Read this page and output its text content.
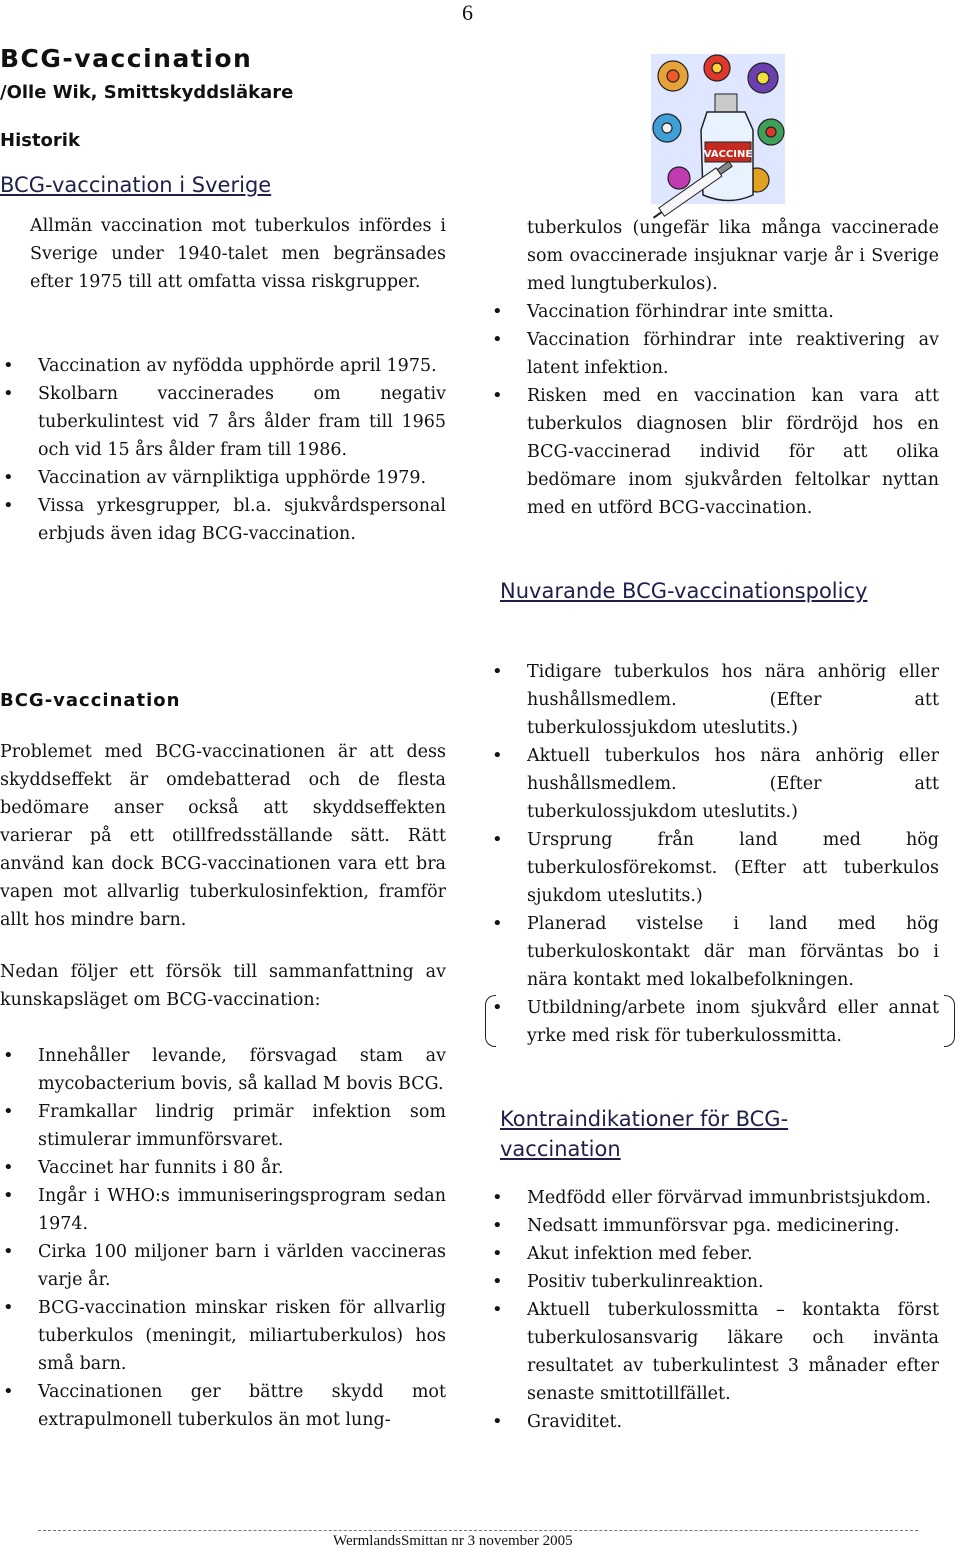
6
BCG-vaccination
/Olle Wik, Smittskyddsläkare
Historik
BCG-vaccination i Sverige
Allmän vaccination mot tuberkulos infördes i Sverige under 1940-talet men begränsades efter 1975 till att omfatta vissa riskgrupper.
• Vaccination av nyfödda upphörde april 1975.
• Skolbarn vaccinerades om negativ tuberkulintest vid 7 års ålder fram till 1965 och vid 15 års ålder fram till 1986.
• Vaccination av värnpliktiga upphörde 1979.
• Vissa yrkesgrupper, bl.a. sjukvårdspersonal erbjuds även idag BCG-vaccination.
BCG-vaccination
Problemet med BCG-vaccinationen är att dess skyddseffekt är omdebatterad och de flesta bedömare anser också att skyddseffekten varierar på ett otillfredsställande sätt. Rätt använd kan dock BCG-vaccinationen vara ett bra vapen mot allvarlig tuberkulosinfektion, framför allt hos mindre barn.
Nedan följer ett försök till sammanfattning av kunskapsläget om BCG-vaccination:
• Innehåller levande, försvagad stam av mycobacterium bovis, så kallad M bovis BCG.
• Framkallar lindrig primär infektion som stimulerar immunförsvaret.
• Vaccinet har funnits i 80 år.
• Ingår i WHO:s immuniseringsprogram sedan 1974.
• Cirka 100 miljoner barn i världen vaccineras varje år.
• BCG-vaccination minskar risken för allvarlig tuberkulos (meningit, miliartuberkulos) hos små barn.
• Vaccinationen ger bättre skydd mot extrapulmonell tuberkulos än mot lung-
VACCINE
tuberkulos (ungefär lika många vaccinerade som ovaccinerade insjuknar varje år i Sverige med lungtuberkulos).
• Vaccination förhindrar inte smitta.
• Vaccination förhindrar inte reaktivering av latent infektion.
• Risken med en vaccination kan vara att tuberkulos diagnosen blir fördröjd hos en BCG-vaccinerad individ för att olika bedömare inom sjukvården feltolkar nyttan med en utförd BCG-vaccination.
Nuvarande BCG-vaccinationspolicy
• Tidigare tuberkulos hos nära anhörig eller hushållsmedlem. (Efter att tuberkulossjukdom uteslutits.)
• Aktuell tuberkulos hos nära anhörig eller hushållsmedlem. (Efter att tuberkulossjukdom uteslutits.)
• Ursprung från land med hög tuberkulosförekomst. (Efter att tuberkulos sjukdom uteslutits.)
• Planerad vistelse i land med hög tuberkuloskontakt där man förväntas bo i nära kontakt med lokalbefolkningen.
• Utbildning/arbete inom sjukvård eller annat yrke med risk för tuberkulossmitta.
Kontraindikationer för BCG-vaccination
• Medfödd eller förvärvad immunbristsjukdom.
• Nedsatt immunförsvar pga. medicinering.
• Akut infektion med feber.
• Positiv tuberkulinreaktion.
• Aktuell tuberkulossmitta – kontakta först tuberkulosansvarig läkare och invänta resultatet av tuberkulintest 3 månader efter senaste smittotillfället.
• Graviditet.
WermlandsSmittan nr 3 november 2005
